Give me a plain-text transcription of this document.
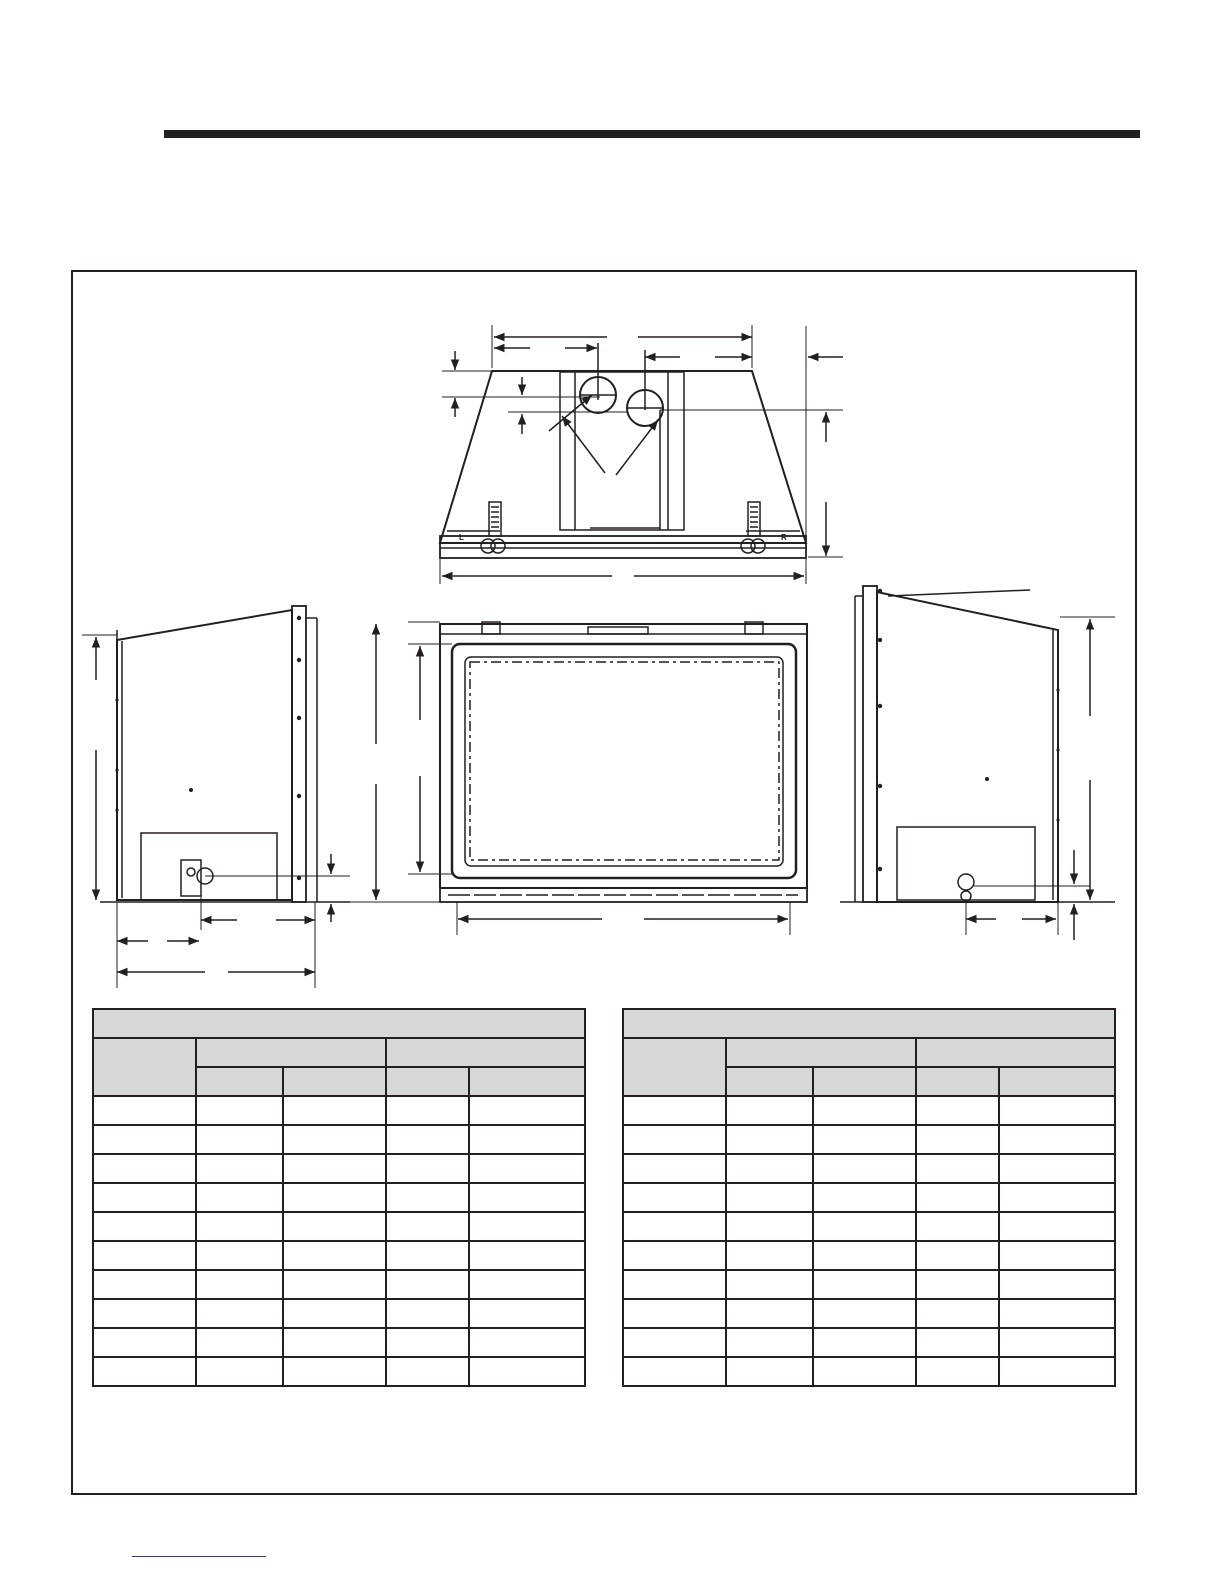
L	R
